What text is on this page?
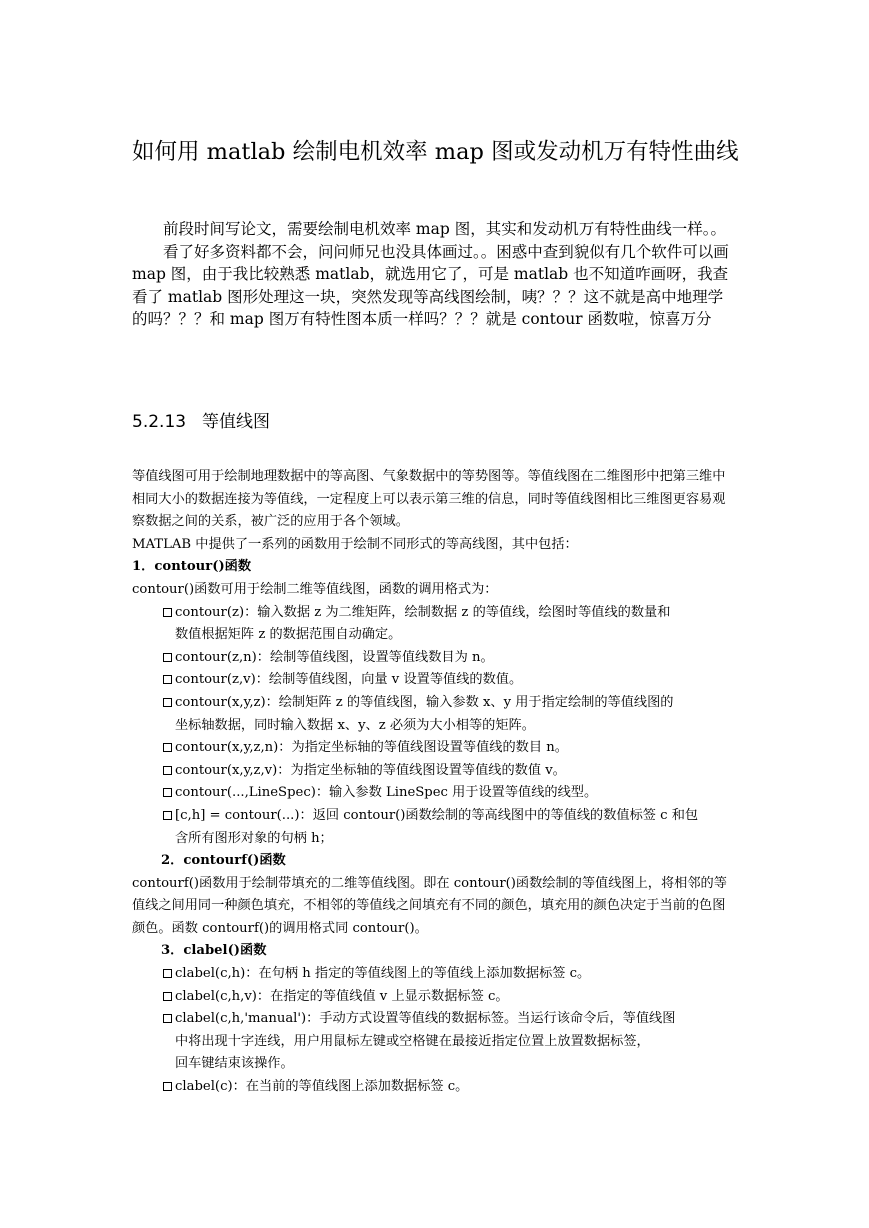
如何用 matlab 绘制电机效率 map 图或发动机万有特性曲线

前段时间写论文，需要绘制电机效率 map 图，其实和发动机万有特性曲线一样。。

看了好多资料都不会，问问师兄也没具体画过。。困惑中查到貌似有几个软件可以画 map 图，由于我比较熟悉 matlab，就选用它了，可是 matlab 也不知道咋画呀，我查看了 matlab 图形处理这一块，突然发现等高线图绘制，咦？？？这不就是高中地理学的吗？？？和 map 图万有特性图本质一样吗？？？就是 contour 函数啦，惊喜万分

5.2.13 等值线图

等值线图可用于绘制地理数据中的等高图、气象数据中的等势图等。等值线图在二维图形中把第三维中相同大小的数据连接为等值线，一定程度上可以表示第三维的信息，同时等值线图相比三维图更容易观察数据之间的关系，被广泛的应用于各个领域。

MATLAB 中提供了一系列的函数用于绘制不同形式的等高线图，其中包括：

1．contour()函数

contour()函数可用于绘制二维等值线图，函数的调用格式为：

contour(z)：输入数据 z 为二维矩阵，绘制数据 z 的等值线，绘图时等值线的数量和
数值根据矩阵 z 的数据范围自动确定。
contour(z,n)：绘制等值线图，设置等值线数目为 n。
contour(z,v)：绘制等值线图，向量 v 设置等值线的数值。
contour(x,y,z)：绘制矩阵 z 的等值线图，输入参数 x、y 用于指定绘制的等值线图的
坐标轴数据，同时输入数据 x、y、z 必须为大小相等的矩阵。
contour(x,y,z,n)：为指定坐标轴的等值线图设置等值线的数目 n。
contour(x,y,z,v)：为指定坐标轴的等值线图设置等值线的数值 v。
contour(...,LineSpec)：输入参数 LineSpec 用于设置等值线的线型。
[c,h] = contour(...)：返回 contour()函数绘制的等高线图中的等值线的数值标签 c 和包
含所有图形对象的句柄 h；

2．contourf()函数

contourf()函数用于绘制带填充的二维等值线图。即在 contour()函数绘制的等值线图上，将相邻的等值线之间用同一种颜色填充，不相邻的等值线之间填充有不同的颜色，填充用的颜色决定于当前的色图颜色。函数 contourf()的调用格式同 contour()。

3．clabel()函数

clabel(c,h)：在句柄 h 指定的等值线图上的等值线上添加数据标签 c。
clabel(c,h,v)：在指定的等值线值 v 上显示数据标签 c。
clabel(c,h,'manual')：手动方式设置等值线的数据标签。当运行该命令后，等值线图
中将出现十字连线，用户用鼠标左键或空格键在最接近指定位置上放置数据标签，
回车键结束该操作。
clabel(c)：在当前的等值线图上添加数据标签 c。
